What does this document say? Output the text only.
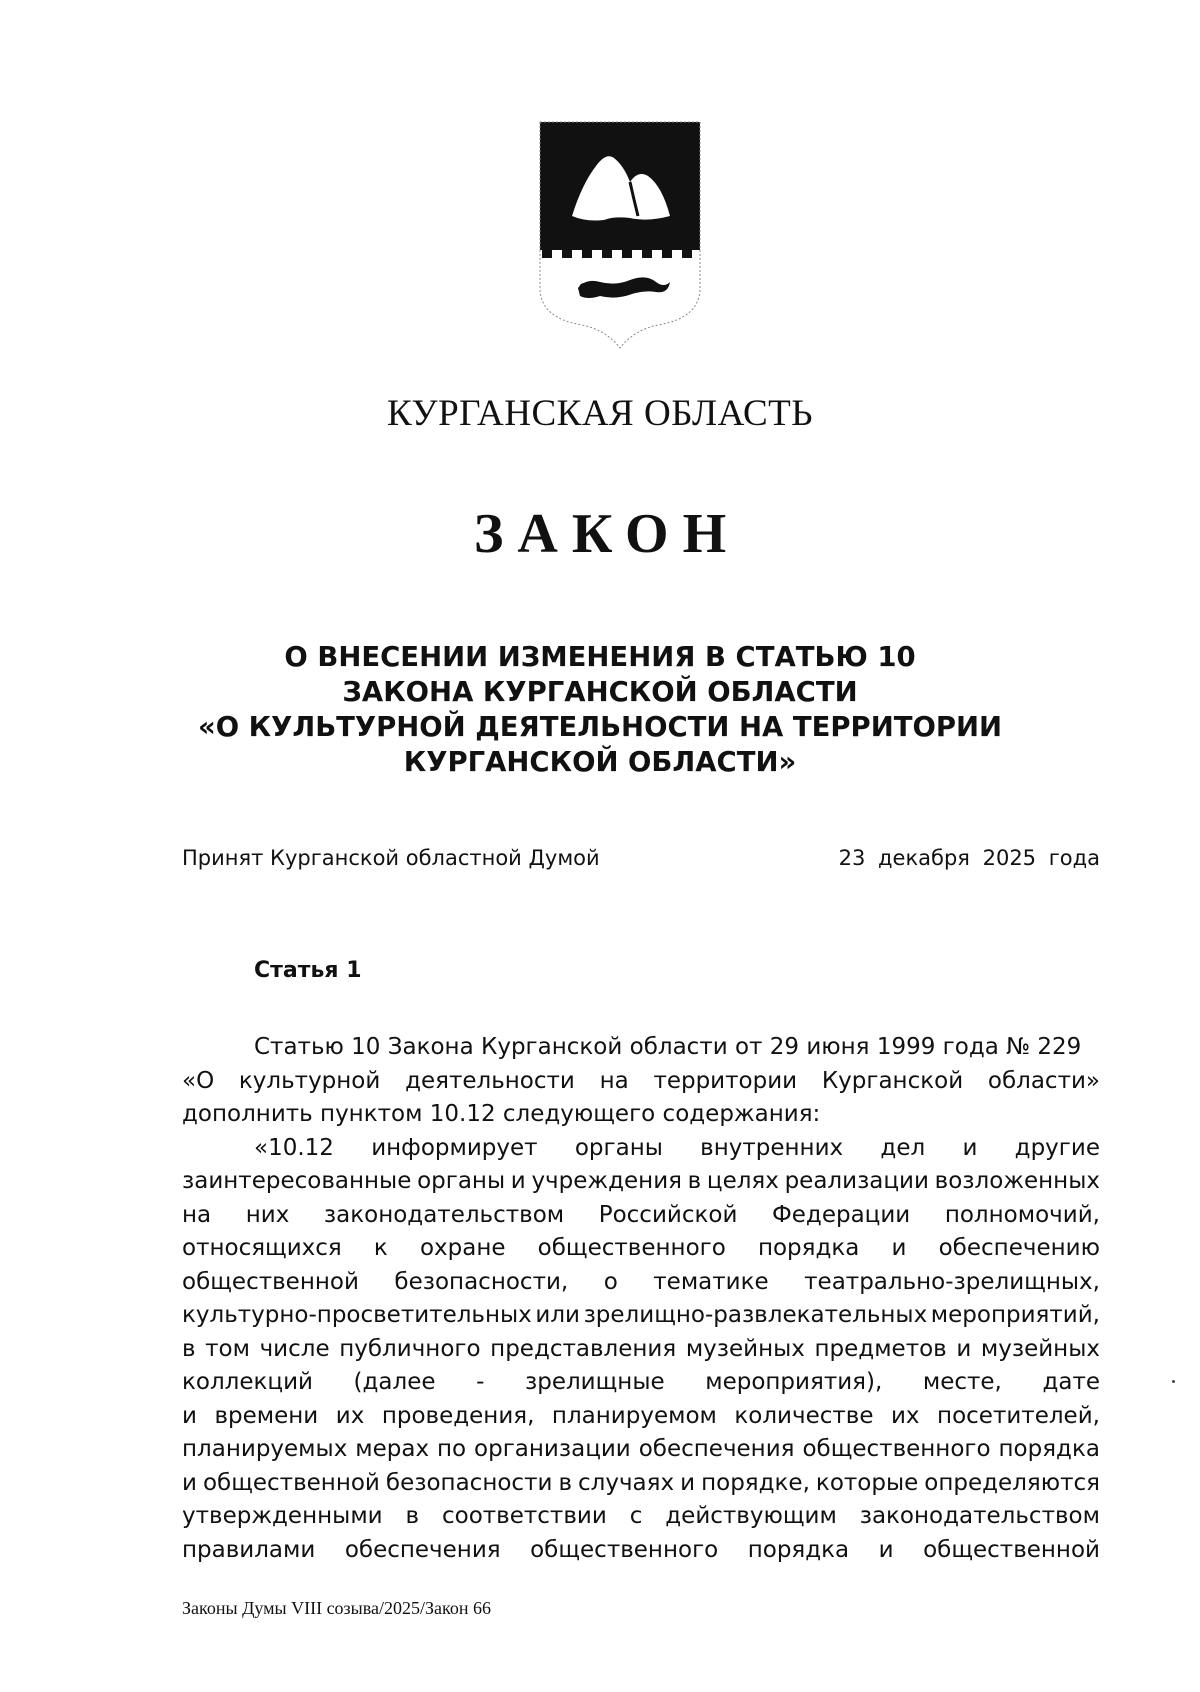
КУРГАНСКАЯ ОБЛАСТЬ
ЗАКОН
О ВНЕСЕНИИ ИЗМЕНЕНИЯ В СТАТЬЮ 10
ЗАКОНА КУРГАНСКОЙ ОБЛАСТИ
«О КУЛЬТУРНОЙ ДЕЯТЕЛЬНОСТИ НА ТЕРРИТОРИИ
КУРГАНСКОЙ ОБЛАСТИ»
Принят Курганской областной Думой	23 декабря 2025 года
Статья 1
Статью 10 Закона Курганской области от 29 июня 1999 года № 229
«О культурной деятельности на территории Курганской области»
дополнить пунктом 10.12 следующего содержания:
«10.12 информирует органы внутренних дел и другие
заинтересованные органы и учреждения в целях реализации возложенных
на них законодательством Российской Федерации полномочий,
относящихся к охране общественного порядка и обеспечению
общественной безопасности, о тематике театрально-зрелищных,
культурно-просветительных или зрелищно-развлекательных мероприятий,
в том числе публичного представления музейных предметов и музейных
коллекций (далее - зрелищные мероприятия), месте, дате
и времени их проведения, планируемом количестве их посетителей,
планируемых мерах по организации обеспечения общественного порядка
и общественной безопасности в случаях и порядке, которые определяются
утвержденными в соответствии с действующим законодательством
правилами обеспечения общественного порядка и общественной
Законы Думы VIII созыва/2025/Закон 66
